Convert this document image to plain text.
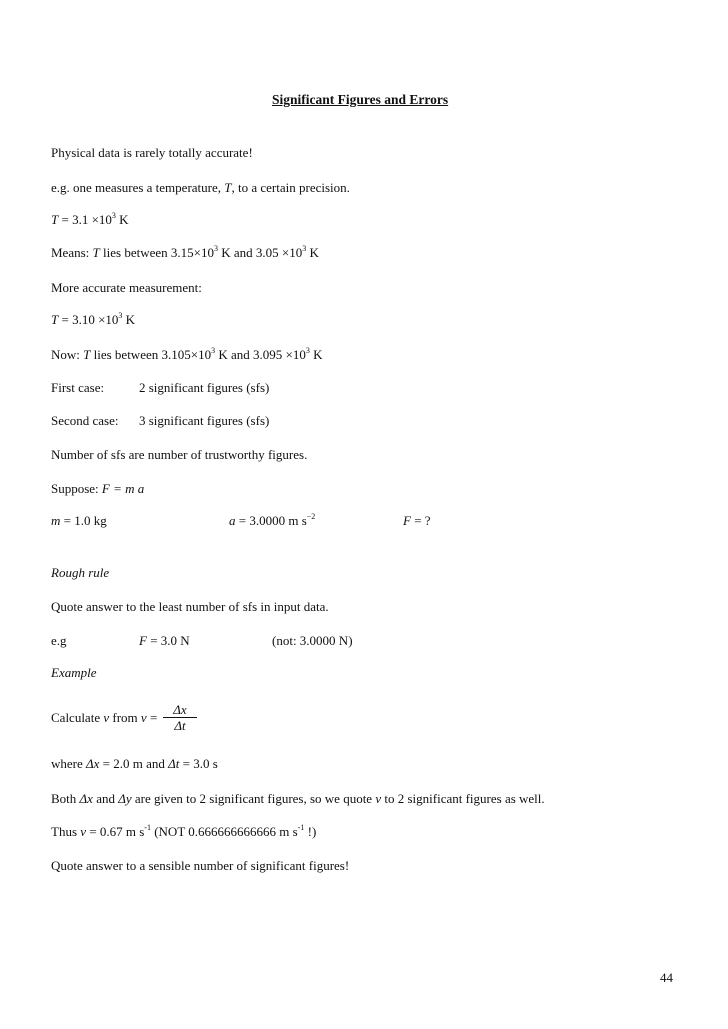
Significant Figures and Errors
Physical data is rarely totally accurate!
e.g. one measures a temperature, T, to a certain precision.
$T = 3.1 \times 10^3$ K
Means: T lies between $3.15\times 10^3$ K and $3.05 \times 10^3$ K
More accurate measurement:
$T = 3.10 \times 10^3$ K
Now: T lies between $3.105\times 10^3$ K and $3.095 \times 10^3$ K
First case:	2 significant figures (sfs)
Second case: 3 significant figures (sfs)
Number of sfs are number of trustworthy figures.
Suppose: F = m a
m = 1.0 kg	a = 3.0000 m $s^{-2}$	F = ?
Rough rule
Quote answer to the least number of sfs in input data.
e.g	F = 3.0 N	(not: 3.0000 N)
Example
Calculate v from v =
Δx
Δt
where Δx = 2.0 m and Δt = 3.0 s
Both Δx and Δy are given to 2 significant figures, so we quote v to 2 significant figures as well.
Thus v = 0.67 m $s^{-1}$ (NOT 0.666666666666 m $s^{-1}$ !)
Quote answer to a sensible number of significant figures!
44
